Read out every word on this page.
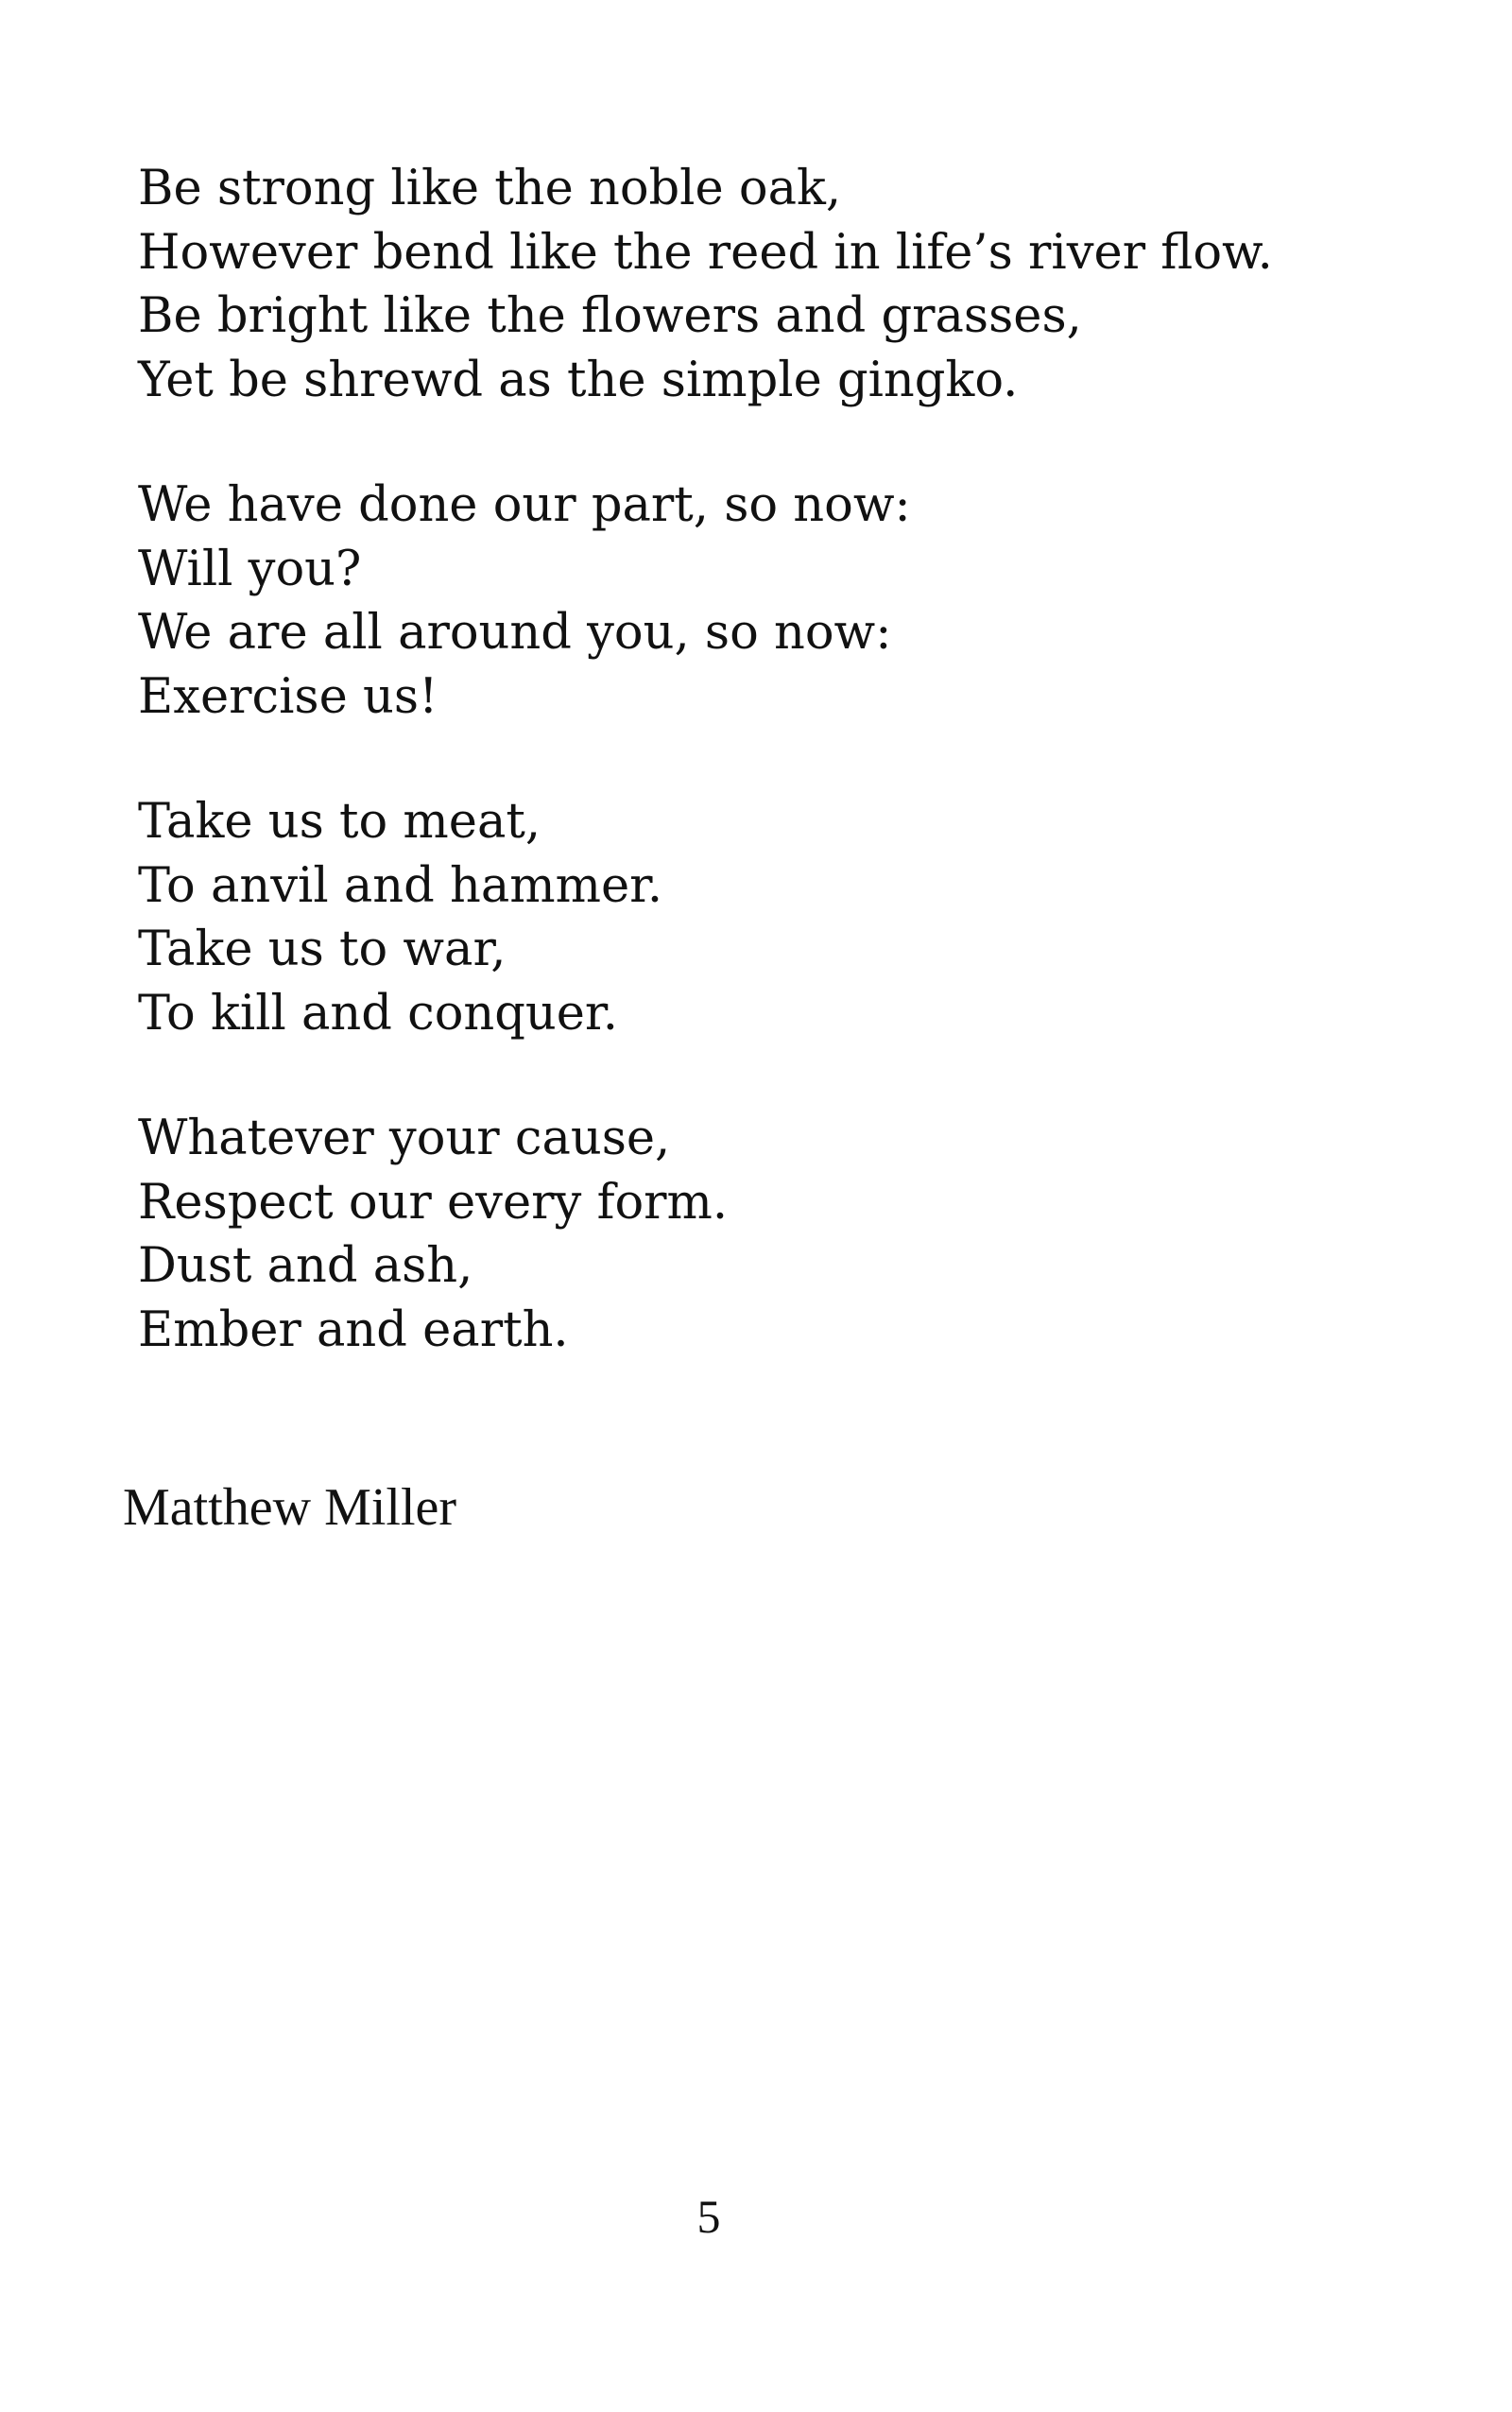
Be strong like the noble oak,
However bend like the reed in life’s river flow.
Be bright like the flowers and grasses,
Yet be shrewd as the simple gingko.
We have done our part, so now:
Will you?
We are all around you, so now:
Exercise us!
Take us to meat,
To anvil and hammer.
Take us to war,
To kill and conquer.
Whatever your cause,
Respect our every form.
Dust and ash,
Ember and earth.
Matthew Miller
5
